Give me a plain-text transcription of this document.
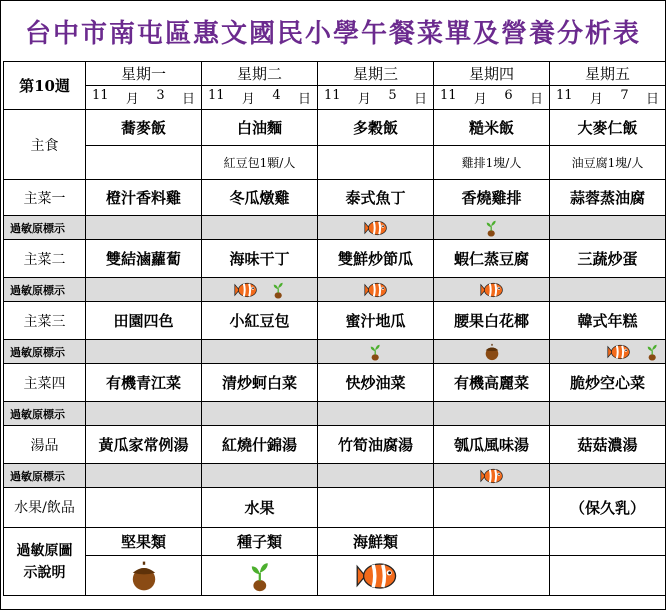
台中市南屯區惠文國民小學午餐菜單及營養分析表
第10週	星期一	星期二	星期三	星期四	星期五

	11 月 3 日	11 月 4 日	11 月 5 日	11 月 6 日	11 月 7 日

主食	蕎麥飯	白油麵	多穀飯	糙米飯	大麥仁飯
		紅豆包1顆/人		雞排1塊/人	油豆腐1塊/人
主菜一	橙汁香料雞	冬瓜燉雞	泰式魚丁	香燒雞排	蒜蓉蒸油腐
過敏原標示	

主菜二	雙結滷蘿蔔	海味干丁	雙鮮炒節瓜	蝦仁蒸豆腐	三蔬炒蛋
過敏原標示	

主菜三	田園四色	小紅豆包	蜜汁地瓜	腰果白花椰	韓式年糕
過敏原標示	

主菜四	有機青江菜	清炒蚵白菜	快炒油菜	有機高麗菜	脆炒空心菜
過敏原標示	

湯品	黃瓜家常例湯	紅燒什錦湯	竹筍油腐湯	瓠瓜風味湯	菇菇濃湯
過敏原標示	

水果/飲品		水果			（保久乳）
過敏原圖示說明	堅果類	種子類	海鮮類		
